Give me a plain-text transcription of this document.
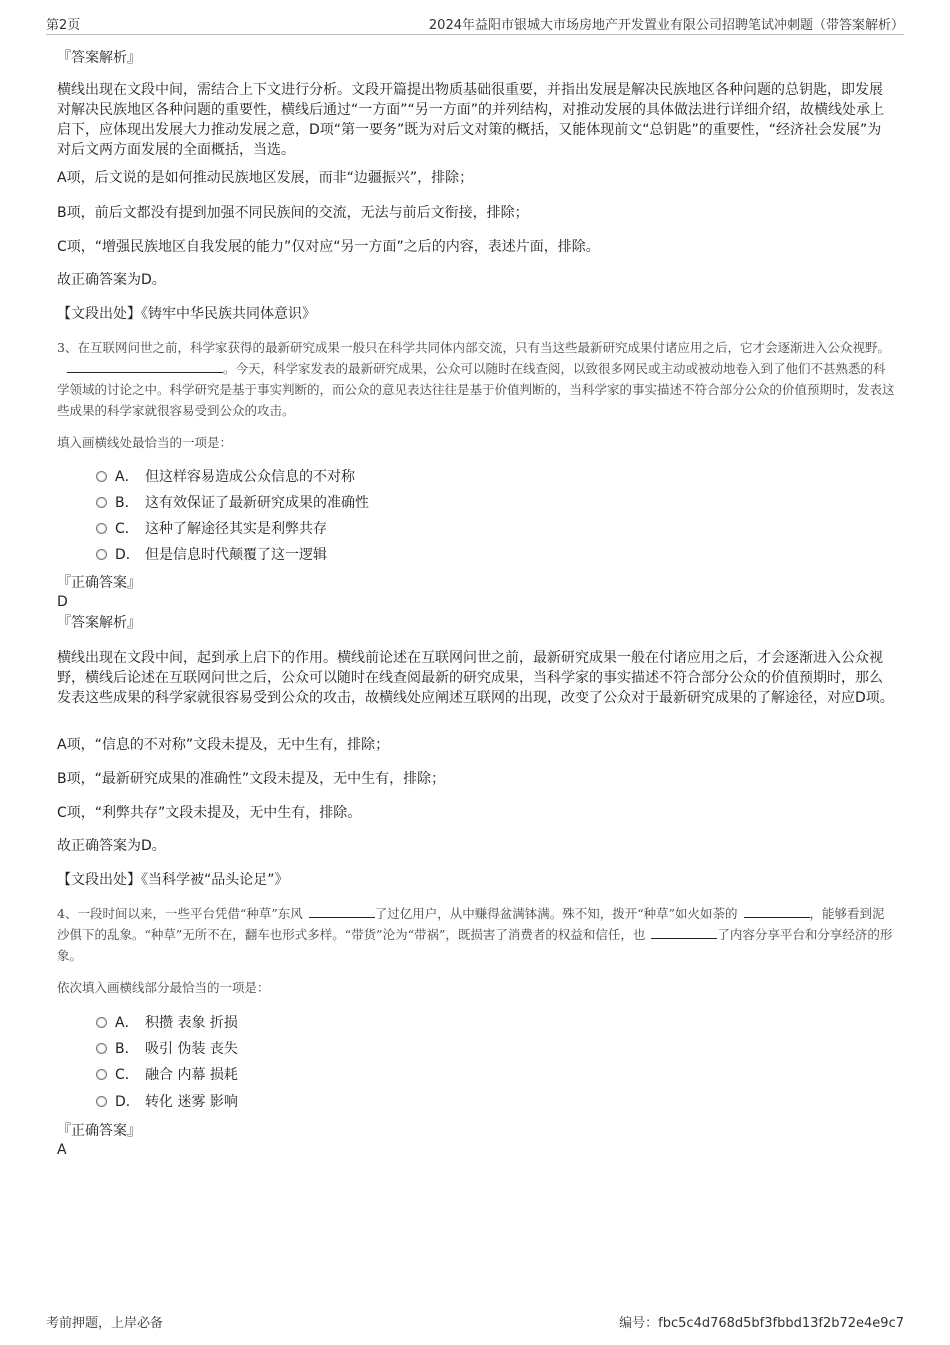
第2页	2024年益阳市银城大市场房地产开发置业有限公司招聘笔试冲刺题（带答案解析）
『答案解析』
横线出现在文段中间，需结合上下文进行分析。文段开篇提出物质基础很重要，并指出发展是解决民族地区各种问题的总钥匙，即发展对解决民族地区各种问题的重要性，横线后通过“一方面”“另一方面”的并列结构，对推动发展的具体做法进行详细介绍，故横线处承上启下，应体现出发展大力推动发展之意，D项“第一要务”既为对后文对策的概括，又能体现前文“总钥匙”的重要性，“经济社会发展”为对后文两方面发展的全面概括，当选。
A项，后文说的是如何推动民族地区发展，而非“边疆振兴”，排除；
B项，前后文都没有提到加强不同民族间的交流，无法与前后文衔接，排除；
C项，“增强民族地区自我发展的能力”仅对应“另一方面”之后的内容，表述片面，排除。
故正确答案为D。
【文段出处】《铸牢中华民族共同体意识》
3、在互联网问世之前，科学家获得的最新研究成果一般只在科学共同体内部交流，只有当这些最新研究成果付诸应用之后，它才会逐渐进入公众视野。。今天，科学家发表的最新研究成果，公众可以随时在线查阅，以致很多网民或主动或被动地卷入到了他们不甚熟悉的科学领域的讨论之中。科学研究是基于事实判断的，而公众的意见表达往往是基于价值判断的，当科学家的事实描述不符合部分公众的价值预期时，发表这些成果的科学家就很容易受到公众的攻击。
填入画横线处最恰当的一项是：
A． 但这样容易造成公众信息的不对称
B． 这有效保证了最新研究成果的准确性
C． 这种了解途径其实是利弊共存
D． 但是信息时代颠覆了这一逻辑
『正确答案』
D
『答案解析』
横线出现在文段中间，起到承上启下的作用。横线前论述在互联网问世之前，最新研究成果一般在付诸应用之后，才会逐渐进入公众视野，横线后论述在互联网问世之后，公众可以随时在线查阅最新的研究成果，当科学家的事实描述不符合部分公众的价值预期时，那么发表这些成果的科学家就很容易受到公众的攻击，故横线处应阐述互联网的出现，改变了公众对于最新研究成果的了解途径，对应D项。
A项，“信息的不对称”文段未提及，无中生有，排除；
B项，“最新研究成果的准确性”文段未提及，无中生有，排除；
C项，“利弊共存”文段未提及，无中生有，排除。
故正确答案为D。
【文段出处】《当科学被“品头论足”》
4、一段时间以来，一些平台凭借“种草”东风	了过亿用户，从中赚得盆满钵满。殊不知，拨开“种草”如火如荼的	，能够看到泥沙俱下的乱象。“种草”无所不在，翻车也形式多样。“带货”沦为“带祸”，既损害了消费者的权益和信任，也	了内容分享平台和分享经济的形象。
依次填入画横线部分最恰当的一项是：
A． 积攒 表象 折损
B． 吸引 伪装 丧失
C． 融合 内幕 损耗
D． 转化 迷雾 影响
『正确答案』
A
考前押题，上岸必备	编号：fbc5c4d768d5bf3fbbd13f2b72e4e9c7
